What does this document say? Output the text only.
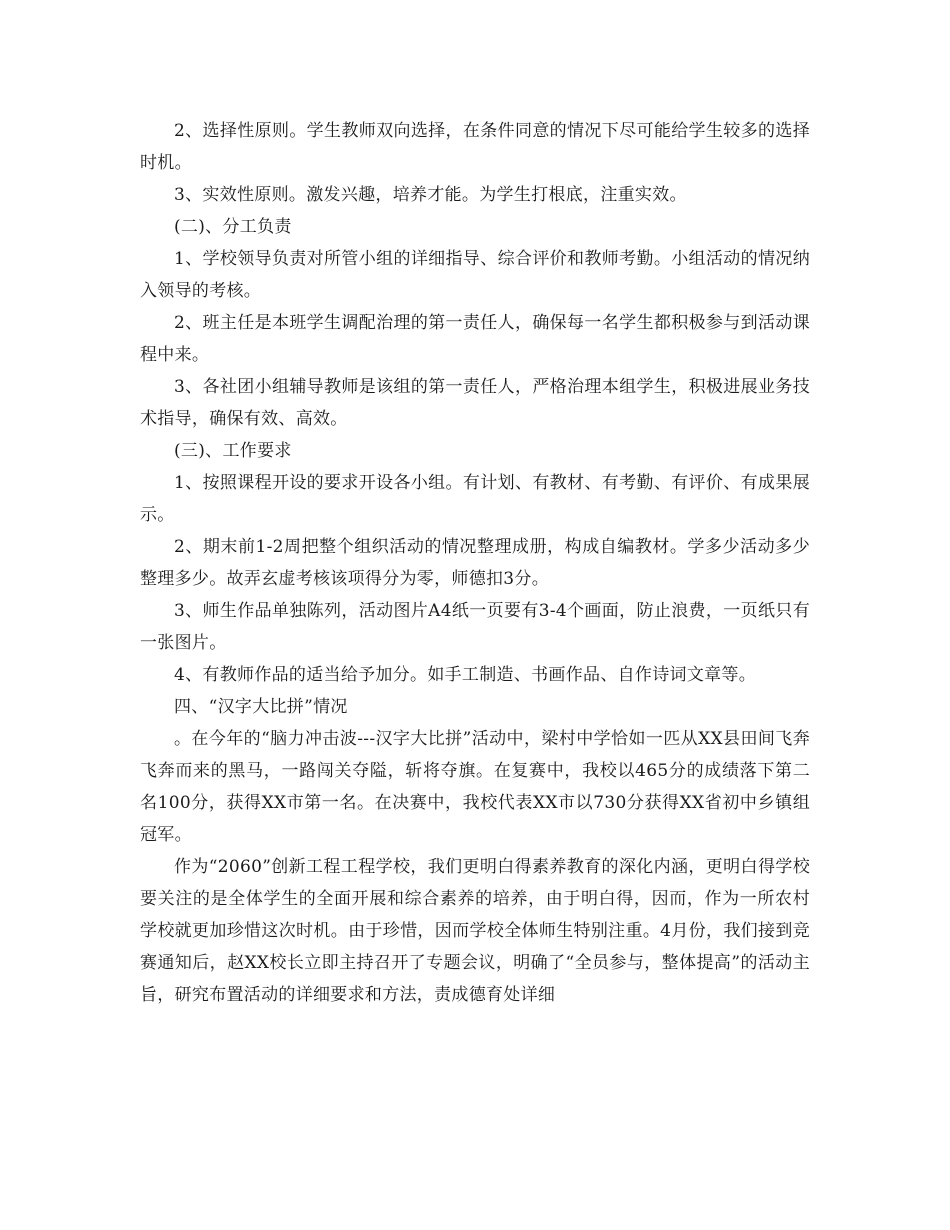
2、选择性原则。学生教师双向选择，在条件同意的情况下尽可能给学生较多的选择时机。

3、实效性原则。激发兴趣，培养才能。为学生打根底，注重实效。

(二)、分工负责

1、学校领导负责对所管小组的详细指导、综合评价和教师考勤。小组活动的情况纳入领导的考核。

2、班主任是本班学生调配治理的第一责任人，确保每一名学生都积极参与到活动课程中来。

3、各社团小组辅导教师是该组的第一责任人，严格治理本组学生，积极进展业务技术指导，确保有效、高效。

(三)、工作要求

1、按照课程开设的要求开设各小组。有计划、有教材、有考勤、有评价、有成果展示。

2、期末前1-2周把整个组织活动的情况整理成册，构成自编教材。学多少活动多少整理多少。故弄玄虚考核该项得分为零，师德扣3分。

3、师生作品单独陈列，活动图片A4纸一页要有3-4个画面，防止浪费，一页纸只有一张图片。

4、有教师作品的适当给予加分。如手工制造、书画作品、自作诗词文章等。

四、“汉字大比拼”情况

。在今年的“脑力冲击波---汉字大比拼”活动中，梁村中学恰如一匹从XX县田间飞奔飞奔而来的黑马，一路闯关夺隘，斩将夺旗。在复赛中，我校以465分的成绩落下第二名100分，获得XX市第一名。在决赛中，我校代表XX市以730分获得XX省初中乡镇组冠军。

作为“2060”创新工程工程学校，我们更明白得素养教育的深化内涵，更明白得学校要关注的是全体学生的全面开展和综合素养的培养，由于明白得，因而，作为一所农村学校就更加珍惜这次时机。由于珍惜，因而学校全体师生特别注重。4月份，我们接到竞赛通知后，赵XX校长立即主持召开了专题会议，明确了“全员参与，整体提高”的活动主旨，研究布置活动的详细要求和方法，责成德育处详细
